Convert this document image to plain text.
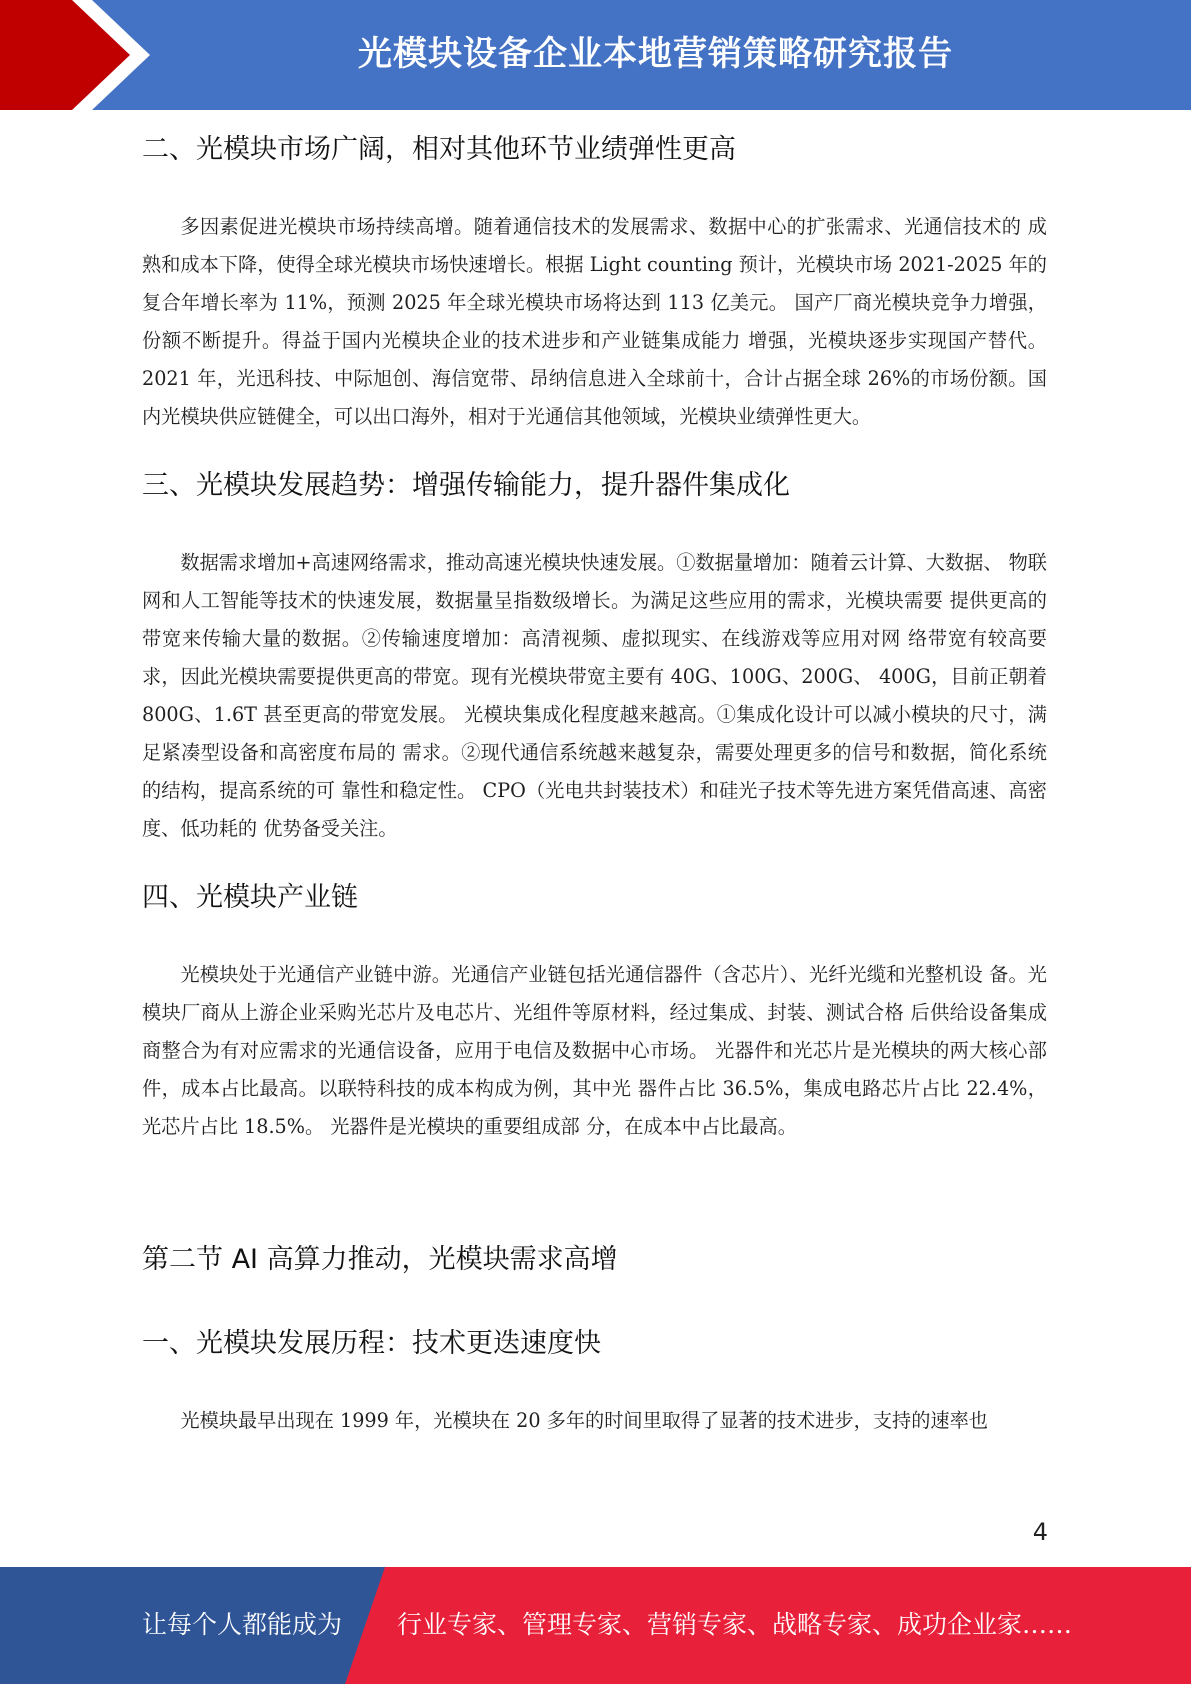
光模块设备企业本地营销策略研究报告
二、光模块市场广阔，相对其他环节业绩弹性更高

多因素促进光模块市场持续高增。随着通信技术的发展需求、数据中心的扩张需求、光通信技术的 成熟和成本下降，使得全球光模块市场快速增长。根据 Light counting 预计，光模块市场 2021-2025 年的复合年增长率为 11%，预测 2025 年全球光模块市场将达到 113 亿美元。 国产厂商光模块竞争力增强，份额不断提升。得益于国内光模块企业的技术进步和产业链集成能力 增强，光模块逐步实现国产替代。2021 年，光迅科技、中际旭创、海信宽带、昂纳信息进入全球前十，合计占据全球 26%的市场份额。国内光模块供应链健全，可以出口海外，相对于光通信其他领域，光模块业绩弹性更大。

三、光模块发展趋势：增强传输能力，提升器件集成化

数据需求增加+高速网络需求，推动高速光模块快速发展。①数据量增加：随着云计算、大数据、 物联网和人工智能等技术的快速发展，数据量呈指数级增长。为满足这些应用的需求，光模块需要 提供更高的带宽来传输大量的数据。②传输速度增加：高清视频、虚拟现实、在线游戏等应用对网 络带宽有较高要求，因此光模块需要提供更高的带宽。现有光模块带宽主要有 40G、100G、200G、 400G，目前正朝着 800G、1.6T 甚至更高的带宽发展。 光模块集成化程度越来越高。①集成化设计可以减小模块的尺寸，满足紧凑型设备和高密度布局的 需求。②现代通信系统越来越复杂，需要处理更多的信号和数据，简化系统的结构，提高系统的可 靠性和稳定性。 CPO（光电共封装技术）和硅光子技术等先进方案凭借高速、高密度、低功耗的 优势备受关注。

四、光模块产业链

光模块处于光通信产业链中游。光通信产业链包括光通信器件（含芯片）、光纤光缆和光整机设 备。光模块厂商从上游企业采购光芯片及电芯片、光组件等原材料，经过集成、封装、测试合格 后供给设备集成商整合为有对应需求的光通信设备，应用于电信及数据中心市场。 光器件和光芯片是光模块的两大核心部件，成本占比最高。以联特科技的成本构成为例，其中光 器件占比 36.5%，集成电路芯片占比 22.4%，光芯片占比 18.5%。 光器件是光模块的重要组成部 分，在成本中占比最高。

第二节 AI 高算力推动，光模块需求高增
一、光模块发展历程：技术更迭速度快

光模块最早出现在 1999 年，光模块在 20 多年的时间里取得了显著的技术进步，支持的速率也

4
让每个人都能成为 行业专家、管理专家、营销专家、战略专家、成功企业家……
